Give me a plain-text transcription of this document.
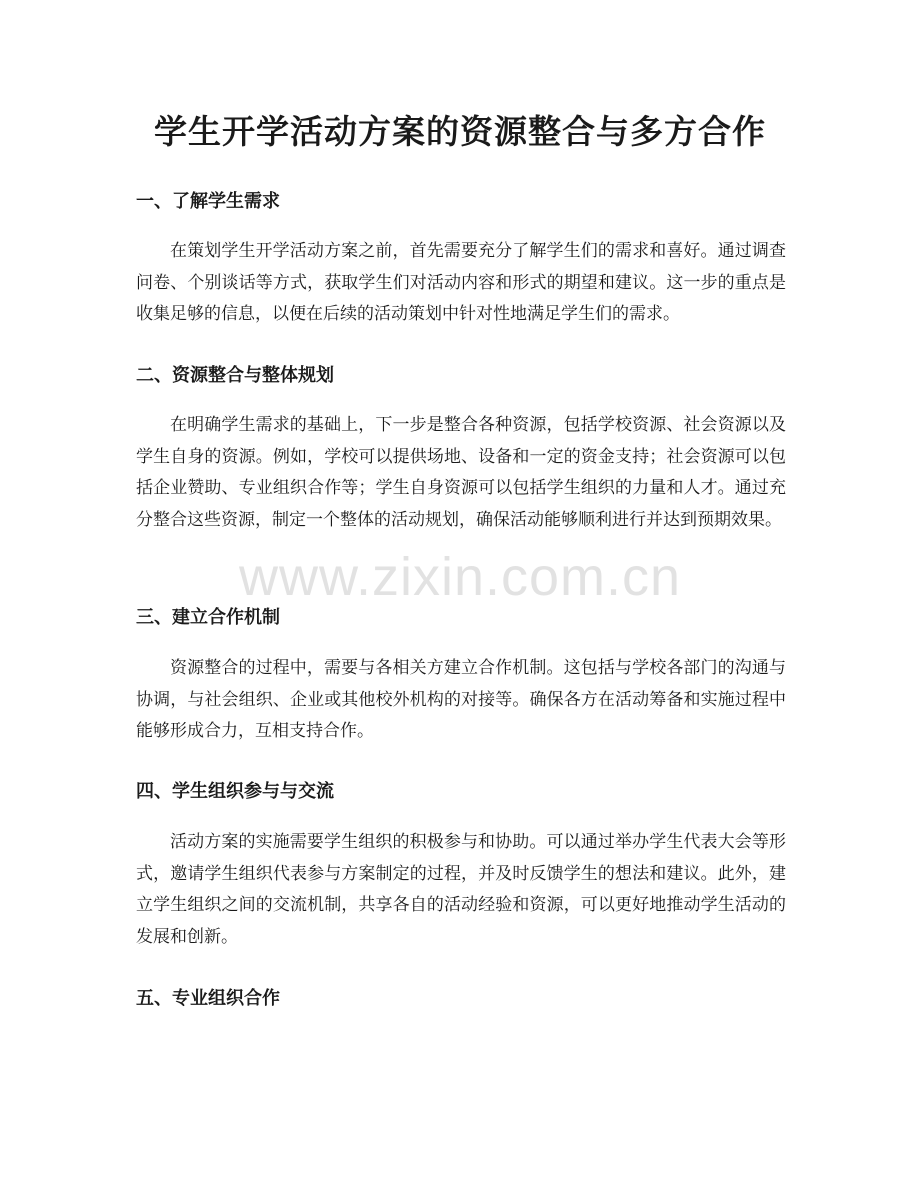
学生开学活动方案的资源整合与多方合作
一、了解学生需求

在策划学生开学活动方案之前，首先需要充分了解学生们的需求和喜好。通过调查问卷、个别谈话等方式，获取学生们对活动内容和形式的期望和建议。这一步的重点是收集足够的信息，以便在后续的活动策划中针对性地满足学生们的需求。

二、资源整合与整体规划

在明确学生需求的基础上，下一步是整合各种资源，包括学校资源、社会资源以及学生自身的资源。例如，学校可以提供场地、设备和一定的资金支持；社会资源可以包括企业赞助、专业组织合作等；学生自身资源可以包括学生组织的力量和人才。通过充分整合这些资源，制定一个整体的活动规划，确保活动能够顺利进行并达到预期效果。

三、建立合作机制

资源整合的过程中，需要与各相关方建立合作机制。这包括与学校各部门的沟通与协调，与社会组织、企业或其他校外机构的对接等。确保各方在活动筹备和实施过程中能够形成合力，互相支持合作。

四、学生组织参与与交流

活动方案的实施需要学生组织的积极参与和协助。可以通过举办学生代表大会等形式，邀请学生组织代表参与方案制定的过程，并及时反馈学生的想法和建议。此外，建立学生组织之间的交流机制，共享各自的活动经验和资源，可以更好地推动学生活动的发展和创新。

五、专业组织合作
www.zixin.com.cn
